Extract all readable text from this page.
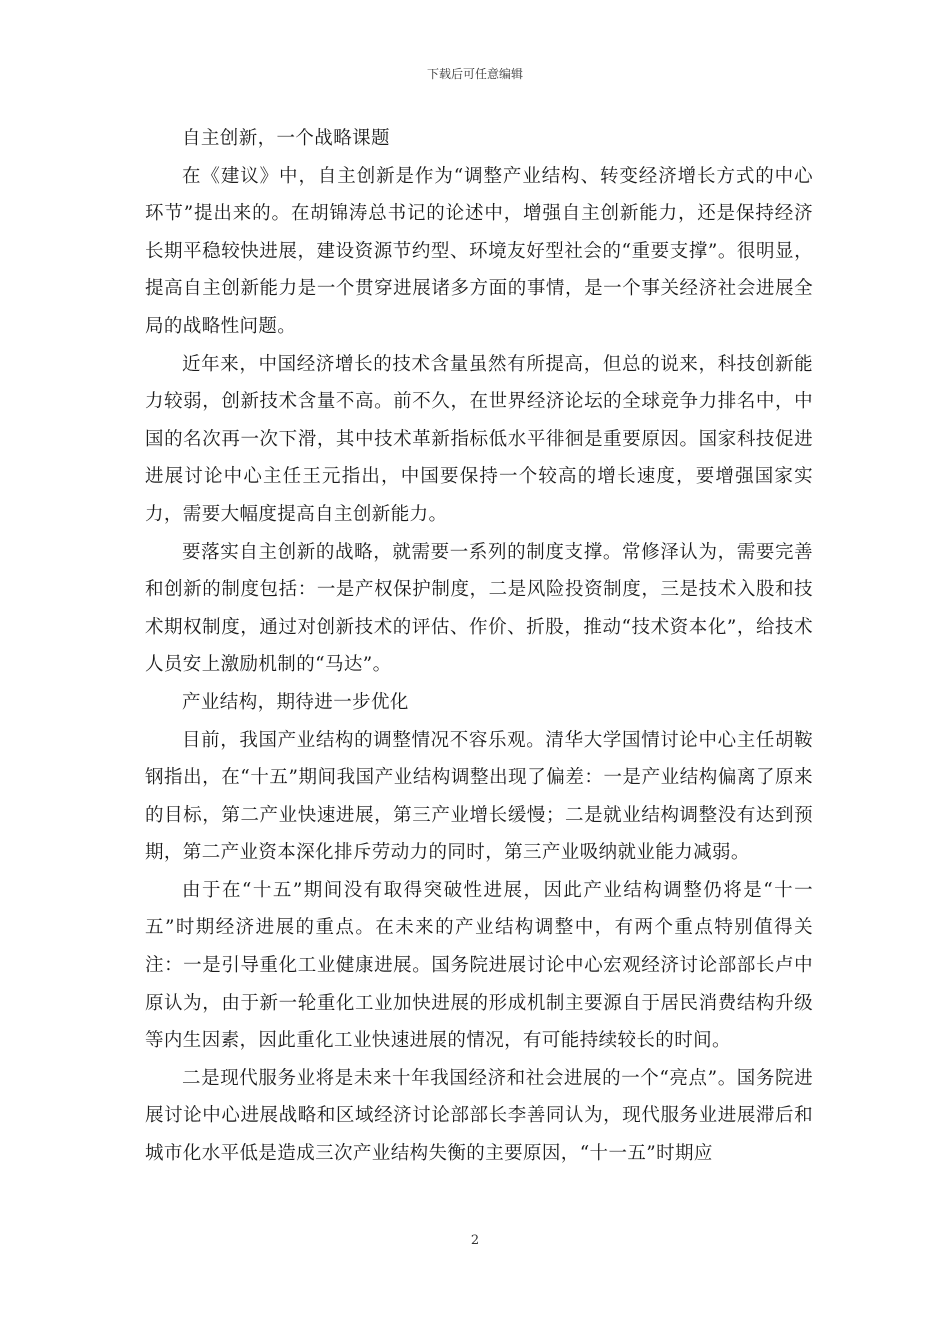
下载后可任意编辑

自主创新，一个战略课题

在《建议》中，自主创新是作为“调整产业结构、转变经济增长方式的中心环节”提出来的。在胡锦涛总书记的论述中，增强自主创新能力，还是保持经济长期平稳较快进展，建设资源节约型、环境友好型社会的“重要支撑”。很明显，提高自主创新能力是一个贯穿进展诸多方面的事情，是一个事关经济社会进展全局的战略性问题。

近年来，中国经济增长的技术含量虽然有所提高，但总的说来，科技创新能力较弱，创新技术含量不高。前不久，在世界经济论坛的全球竞争力排名中，中国的名次再一次下滑，其中技术革新指标低水平徘徊是重要原因。国家科技促进进展讨论中心主任王元指出，中国要保持一个较高的增长速度，要增强国家实力，需要大幅度提高自主创新能力。

要落实自主创新的战略，就需要一系列的制度支撑。常修泽认为，需要完善和创新的制度包括：一是产权保护制度，二是风险投资制度，三是技术入股和技术期权制度，通过对创新技术的评估、作价、折股，推动“技术资本化”，给技术人员安上激励机制的“马达”。

产业结构，期待进一步优化

目前，我国产业结构的调整情况不容乐观。清华大学国情讨论中心主任胡鞍钢指出，在“十五”期间我国产业结构调整出现了偏差：一是产业结构偏离了原来的目标，第二产业快速进展，第三产业增长缓慢；二是就业结构调整没有达到预期，第二产业资本深化排斥劳动力的同时，第三产业吸纳就业能力减弱。

由于在“十五”期间没有取得突破性进展，因此产业结构调整仍将是“十一五”时期经济进展的重点。在未来的产业结构调整中，有两个重点特别值得关注：一是引导重化工业健康进展。国务院进展讨论中心宏观经济讨论部部长卢中原认为，由于新一轮重化工业加快进展的形成机制主要源自于居民消费结构升级等内生因素，因此重化工业快速进展的情况，有可能持续较长的时间。

二是现代服务业将是未来十年我国经济和社会进展的一个“亮点”。国务院进展讨论中心进展战略和区域经济讨论部部长李善同认为，现代服务业进展滞后和城市化水平低是造成三次产业结构失衡的主要原因，“十一五”时期应

2
